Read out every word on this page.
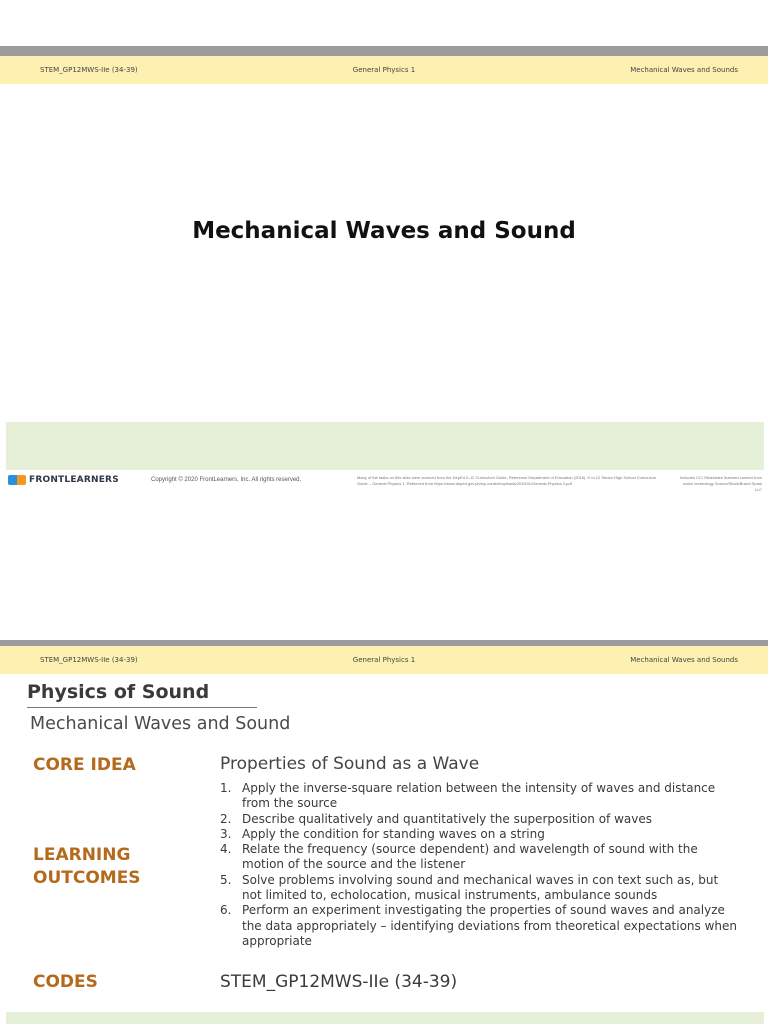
STEM_GP12MWS-IIe (34-39)	General Physics 1	Mechanical Waves and Sounds
Mechanical Waves and Sound
FRONTLEARNERS	Copyright © 2020 FrontLearners, Inc. All rights reserved.	Many of the tasks on this slide were sourced from the DepEd K-12 Curriculum Guide, Reference Department of Education (2016). K to 12 Senior High School Curriculum Guide – General Physics 1. Retrieved from https://www.deped.gov.ph/wp-content/uploads/2019/01/General-Physics-1.pdf
Includes CC/ Slideshare licensed content from icons/ technology Source/Stock/Brand Spark LLC
STEM_GP12MWS-IIe (34-39)	General Physics 1	Mechanical Waves and Sounds
Physics of Sound
Mechanical Waves and Sound
CORE IDEA	Properties of Sound as a Wave
LEARNING
OUTCOMES
1. Apply the inverse-square relation between the intensity of waves and distance from the source
2. Describe qualitatively and quantitatively the superposition of waves
3. Apply the condition for standing waves on a string
4. Relate the frequency (source dependent) and wavelength of sound with the motion of the source and the listener
5. Solve problems involving sound and mechanical waves in con text such as, but not limited to, echolocation, musical instruments, ambulance sounds
6. Perform an experiment investigating the properties of sound waves and analyze the data appropriately – identifying deviations from theoretical expectations when appropriate
CODES	STEM_GP12MWS-IIe (34-39)
